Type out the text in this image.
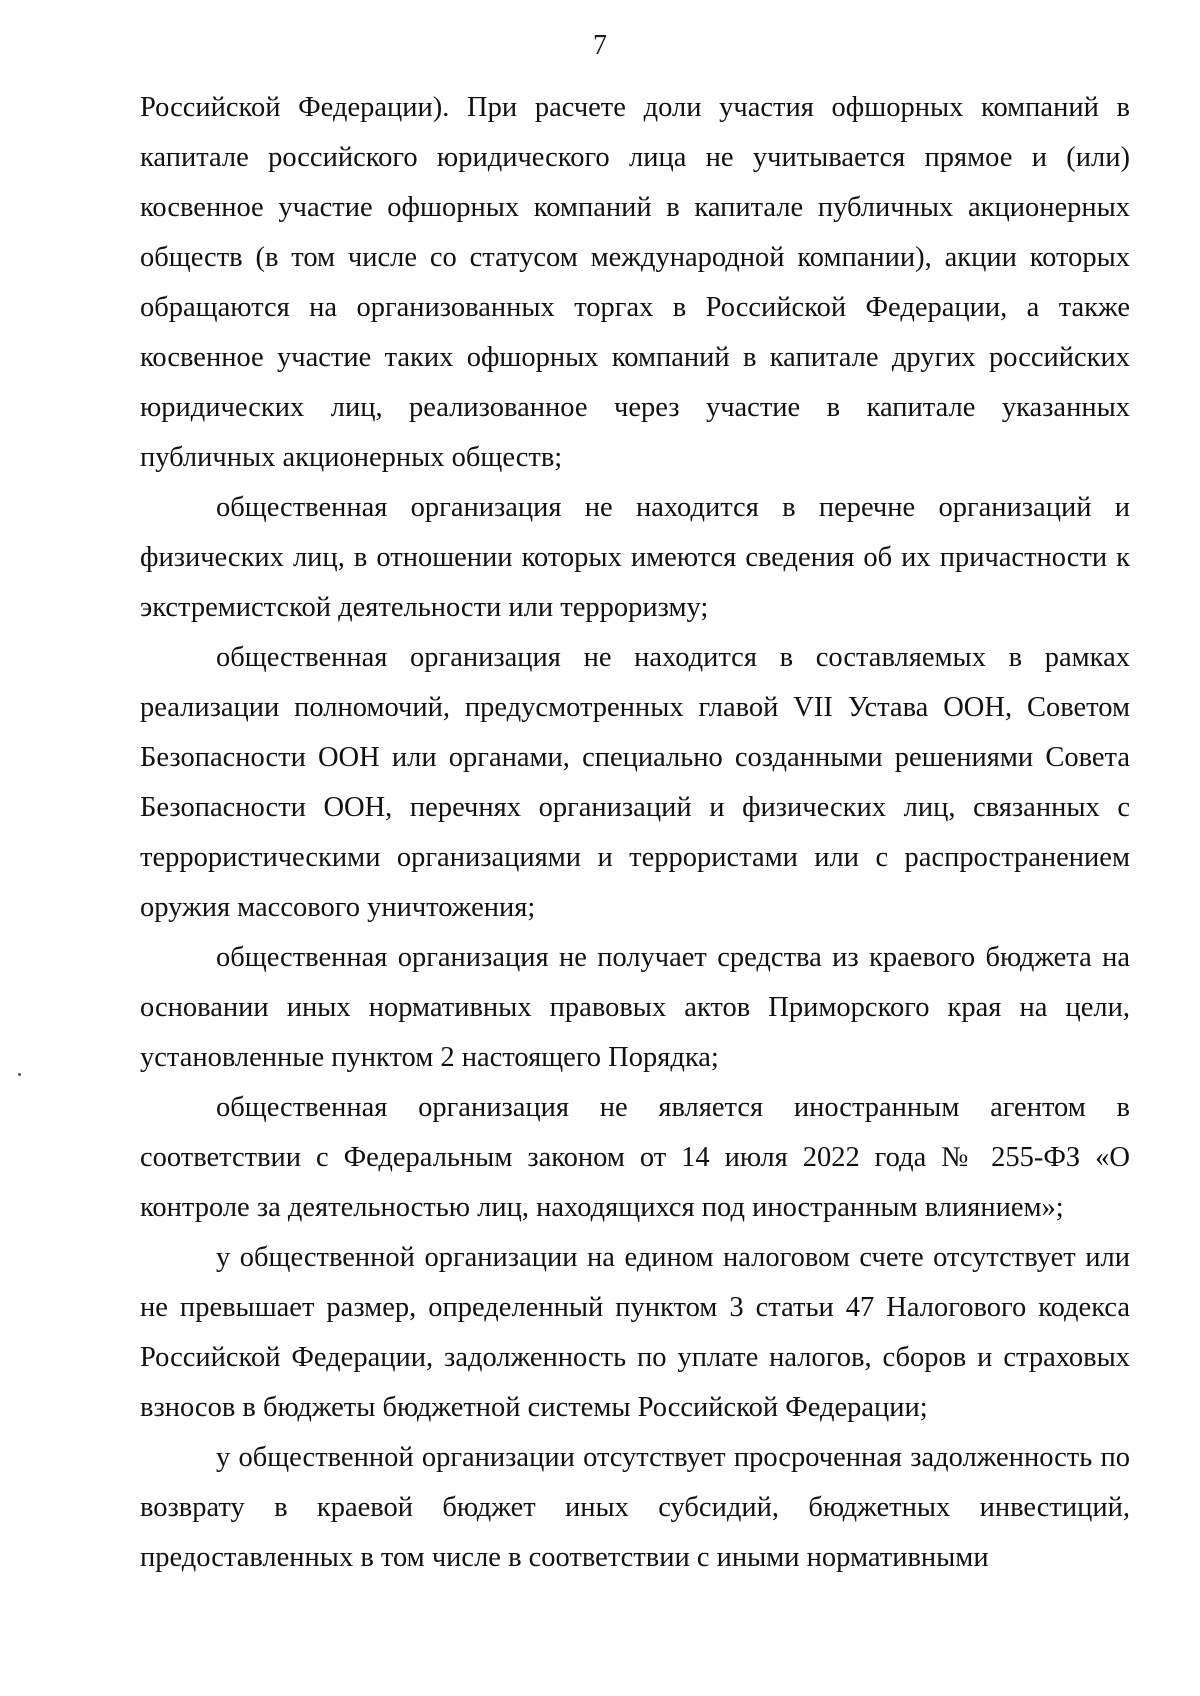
7

Российской Федерации). При расчете доли участия офшорных компаний в капитале российского юридического лица не учитывается прямое и (или) косвенное участие офшорных компаний в капитале публичных акционерных обществ (в том числе со статусом международной компании), акции которых обращаются на организованных торгах в Российской Федерации, а также косвенное участие таких офшорных компаний в капитале других российских юридических лиц, реализованное через участие в капитале указанных публичных акционерных обществ;

общественная организация не находится в перечне организаций и физических лиц, в отношении которых имеются сведения об их причастности к экстремистской деятельности или терроризму;

общественная организация не находится в составляемых в рамках реализации полномочий, предусмотренных главой VII Устава ООН, Советом Безопасности ООН или органами, специально созданными решениями Совета Безопасности ООН, перечнях организаций и физических лиц, связанных с террористическими организациями и террористами или с распространением оружия массового уничтожения;

общественная организация не получает средства из краевого бюджета на основании иных нормативных правовых актов Приморского края на цели, установленные пунктом 2 настоящего Порядка;

общественная организация не является иностранным агентом в соответствии с Федеральным законом от 14 июля 2022 года № 255-ФЗ «О контроле за деятельностью лиц, находящихся под иностранным влиянием»;

у общественной организации на едином налоговом счете отсутствует или не превышает размер, определенный пунктом 3 статьи 47 Налогового кодекса Российской Федерации, задолженность по уплате налогов, сборов и страховых взносов в бюджеты бюджетной системы Российской Федерации;

у общественной организации отсутствует просроченная задолженность по возврату в краевой бюджет иных субсидий, бюджетных инвестиций, предоставленных в том числе в соответствии с иными нормативными
